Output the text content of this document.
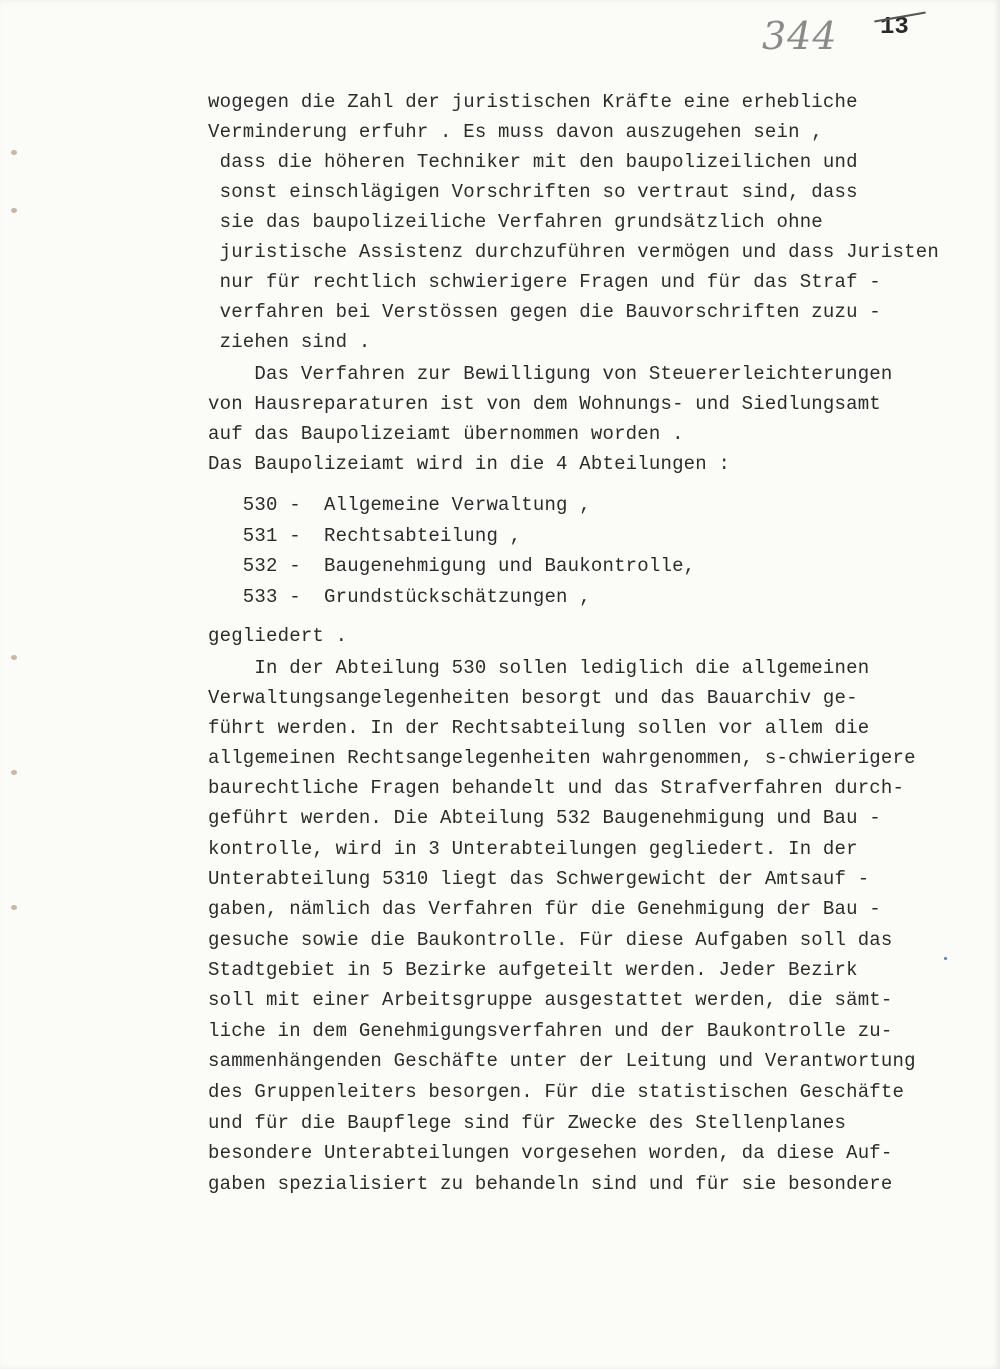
344 13
wogegen die Zahl der juristischen Kräfte eine erhebliche
Verminderung erfuhr . Es muss davon auszugehen sein ,
dass die höheren Techniker mit den baupolizeilichen und
sonst einschlägigen Vorschriften so vertraut sind, dass
sie das baupolizeiliche Verfahren grundsätzlich ohne
juristische Assistenz durchzuführen vermögen und dass Juristen
nur für rechtlich schwierigere Fragen und für das Straf -
verfahren bei Verstössen gegen die Bauvorschriften zuzu -
ziehen sind .
Das Verfahren zur Bewilligung von Steuererleichterungen
von Hausreparaturen ist von dem Wohnungs- und Siedlungsamt
auf das Baupolizeiamt übernommen worden .
Das Baupolizeiamt wird in die 4 Abteilungen :
530 -  Allgemeine Verwaltung ,
531 -  Rechtsabteilung ,
532 -  Baugenehmigung und Baukontrolle,
533 -  Grundstückschätzungen ,
gegliedert .
In der Abteilung 530 sollen lediglich die allgemeinen
Verwaltungsangelegenheiten besorgt und das Bauarchiv ge-
führt werden. In der Rechtsabteilung sollen vor allem die
allgemeinen Rechtsangelegenheiten wahrgenommen, s-chwierigere
baurechtliche Fragen behandelt und das Strafverfahren durch-
geführt werden. Die Abteilung 532 Baugenehmigung und Bau -
kontrolle, wird in 3 Unterabteilungen gegliedert. In der
Unterabteilung 5310 liegt das Schwergewicht der Amtsauf -
gaben, nämlich das Verfahren für die Genehmigung der Bau -
gesuche sowie die Baukontrolle. Für diese Aufgaben soll das
Stadtgebiet in 5 Bezirke aufgeteilt werden. Jeder Bezirk
soll mit einer Arbeitsgruppe ausgestattet werden, die sämt-
liche in dem Genehmigungsverfahren und der Baukontrolle zu-
sammenhängenden Geschäfte unter der Leitung und Verantwortung
des Gruppenleiters besorgen. Für die statistischen Geschäfte
und für die Baupflege sind für Zwecke des Stellenplanes
besondere Unterabteilungen vorgesehen worden, da diese Auf-
gaben spezialisiert zu behandeln sind und für sie besondere
